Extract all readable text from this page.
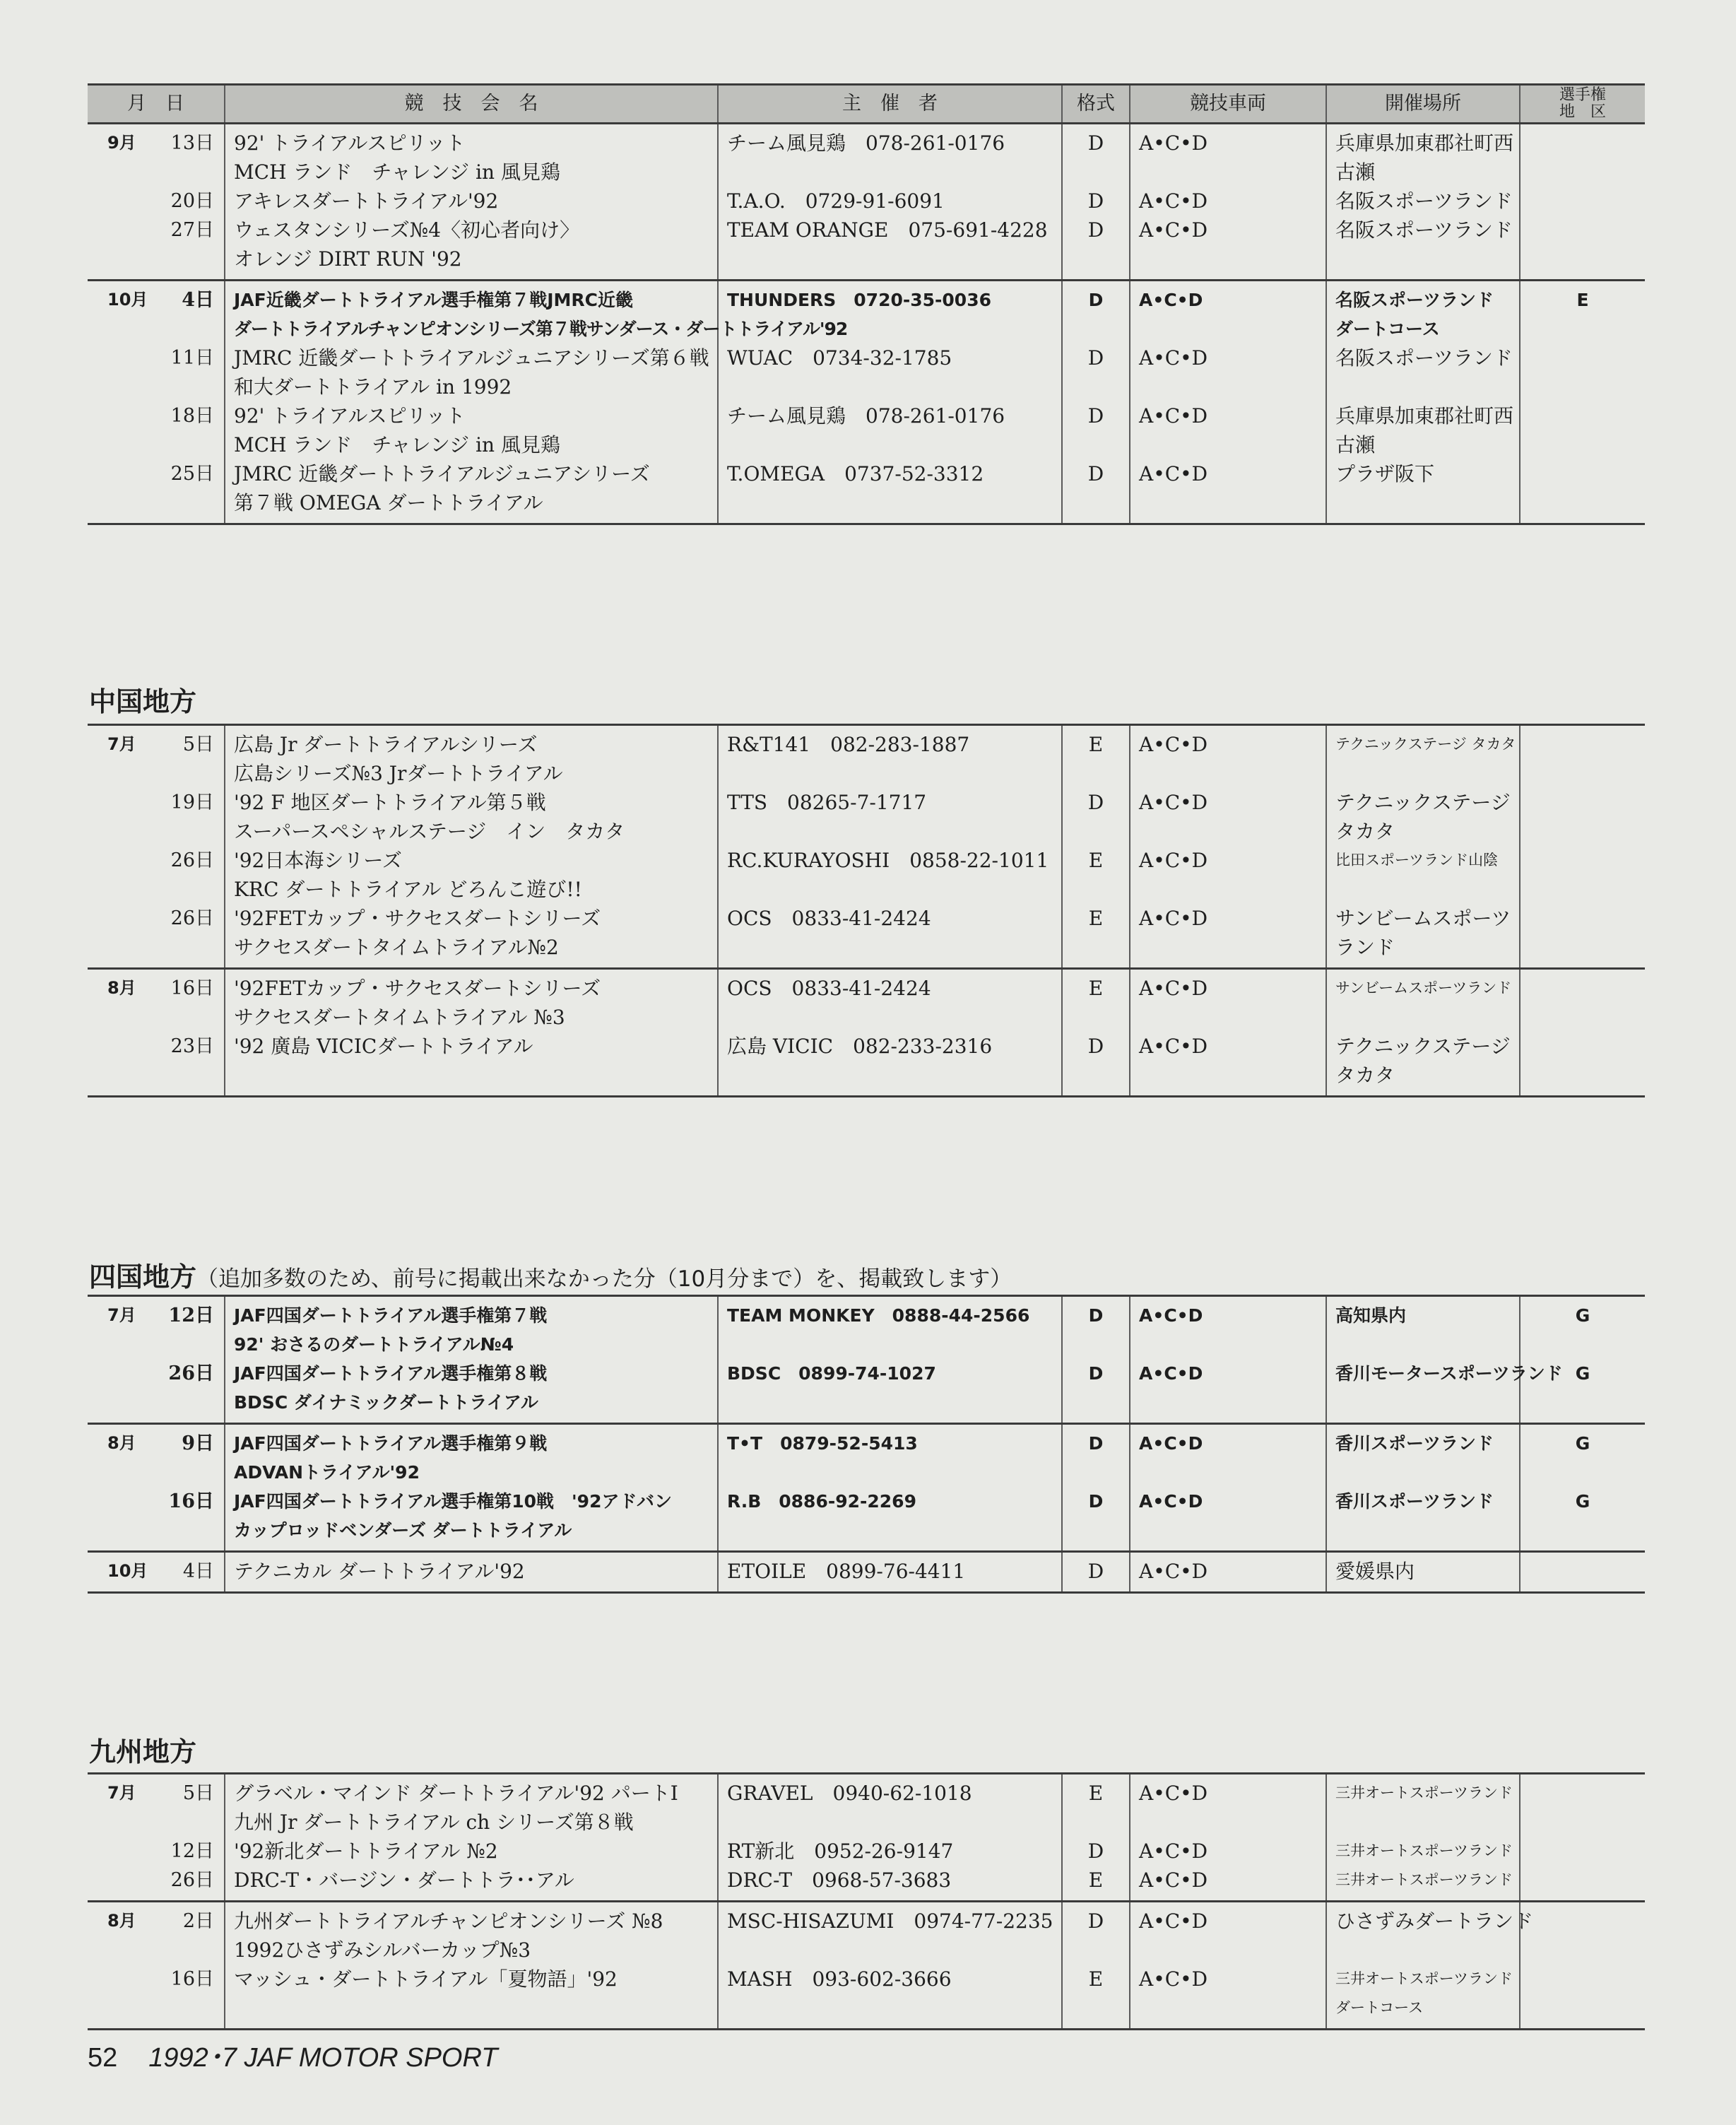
月　日	競　技　会　名	主　催　者	格式	競技車両	開催場所	選手権
地　区

9月 13日	92' トライアルスピリット	チーム風見鶏　078-261-0176	D	A•C•D	兵庫県加東郡社町西	

	MCH ランド　チャレンジ in 風見鶏				古瀬	

20日	アキレスダートトライアル'92	T.A.O.　0729-91-6091	D	A•C•D	名阪スポーツランド	

27日	ウェスタンシリーズ№4〈初心者向け〉	TEAM ORANGE　075-691-4228	D	A•C•D	名阪スポーツランド	

	オレンジ DIRT RUN '92					

10月 4日	JAF近畿ダートトライアル選手権第７戦JMRC近畿	THUNDERS　0720-35-0036	D	A•C•D	名阪スポーツランド	E

	ダートトライアルチャンピオンシリーズ第７戦サンダース・ダートトライアル'92				ダートコース	

11日	JMRC 近畿ダートトライアルジュニアシリーズ第６戦	WUAC　0734-32-1785	D	A•C•D	名阪スポーツランド	

	和大ダートトライアル in 1992					

18日	92' トライアルスピリット	チーム風見鶏　078-261-0176	D	A•C•D	兵庫県加東郡社町西	

	MCH ランド　チャレンジ in 風見鶏				古瀬	

25日	JMRC 近畿ダートトライアルジュニアシリーズ	T.OMEGA　0737-52-3312	D	A•C•D	プラザ阪下	

	第７戦 OMEGA ダートトライアル					
中国地方
7月 5日	広島 Jr ダートトライアルシリーズ	R&T141　082-283-1887	E	A•C•D	テクニックステージ タカタ	

	広島シリーズ№3 Jrダートトライアル					

19日	'92 F 地区ダートトライアル第５戦	TTS　08265-7-1717	D	A•C•D	テクニックステージ	

	スーパースペシャルステージ　イン　タカタ				タカタ	

26日	'92日本海シリーズ	RC.KURAYOSHI　0858-22-1011	E	A•C•D	比田スポーツランド山陰	

	KRC ダートトライアル どろんこ遊び!!					

26日	'92FETカップ・サクセスダートシリーズ	OCS　0833-41-2424	E	A•C•D	サンビームスポーツ	

	サクセスダートタイムトライアル№2				ランド	

8月 16日	'92FETカップ・サクセスダートシリーズ	OCS　0833-41-2424	E	A•C•D	サンビームスポーツランド	

	サクセスダートタイムトライアル №3					

23日	'92 廣島 VICICダートトライアル	広島 VICIC　082-233-2316	D	A•C•D	テクニックステージ	

					タカタ	
四国地方（追加多数のため、前号に掲載出来なかった分（10月分まで）を、掲載致します）
7月 12日	JAF四国ダートトライアル選手権第７戦	TEAM MONKEY　0888-44-2566	D	A•C•D	高知県内	G

	92' おさるのダートトライアル№4					

26日	JAF四国ダートトライアル選手権第８戦	BDSC　0899-74-1027	D	A•C•D	香川モータースポーツランド	G

	BDSC ダイナミックダートトライアル					

8月 9日	JAF四国ダートトライアル選手権第９戦	T•T　0879-52-5413	D	A•C•D	香川スポーツランド	G

	ADVANトライアル'92					

16日	JAF四国ダートトライアル選手権第10戦　'92アドバン	R.B　0886-92-2269	D	A•C•D	香川スポーツランド	G

	カップロッドベンダーズ ダートトライアル					

10月 4日	テクニカル ダートトライアル'92	ETOILE　0899-76-4411	D	A•C•D	愛媛県内	
九州地方
7月 5日	グラベル・マインド ダートトライアル'92 パートⅠ	GRAVEL　0940-62-1018	E	A•C•D	三井オートスポーツランド	

	九州 Jr ダートトライアル ch シリーズ第８戦					

12日	'92新北ダートトライアル №2	RT新北　0952-26-9147	D	A•C•D	三井オートスポーツランド	

26日	DRC-T・バージン・ダートトラ･･アル	DRC-T　0968-57-3683	E	A•C•D	三井オートスポーツランド	

8月 2日	九州ダートトライアルチャンピオンシリーズ №8	MSC-HISAZUMI　0974-77-2235	D	A•C•D	ひさずみダートランド	

	1992ひさずみシルバーカップ№3					

16日	マッシュ・ダートトライアル「夏物語」'92	MASH　093-602-3666	E	A•C•D	三井オートスポーツランド	

					ダートコース	
52 1992･7 JAF MOTOR SPORT
